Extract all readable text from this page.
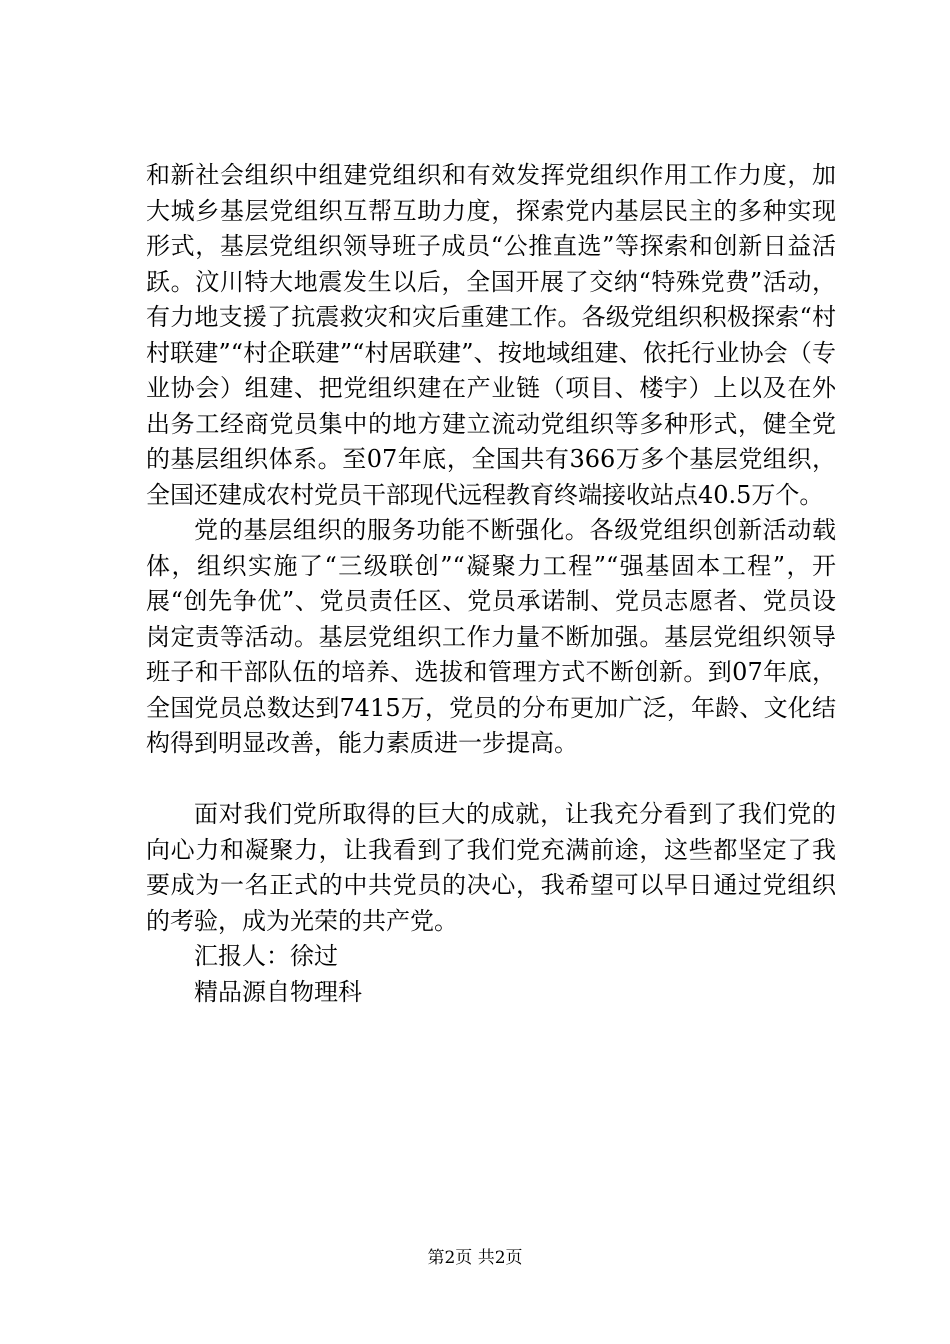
和新社会组织中组建党组织和有效发挥党组织作用工作力度，加大城乡基层党组织互帮互助力度，探索党内基层民主的多种实现形式，基层党组织领导班子成员“公推直选”等探索和创新日益活跃。汶川特大地震发生以后，全国开展了交纳“特殊党费”活动，有力地支援了抗震救灾和灾后重建工作。各级党组织积极探索“村村联建”“村企联建”“村居联建”、按地域组建、依托行业协会（专业协会）组建、把党组织建在产业链（项目、楼宇）上以及在外出务工经商党员集中的地方建立流动党组织等多种形式，健全党的基层组织体系。至07年底，全国共有366万多个基层党组织，全国还建成农村党员干部现代远程教育终端接收站点40.5万个。

党的基层组织的服务功能不断强化。各级党组织创新活动载体，组织实施了“三级联创”“凝聚力工程”“强基固本工程”，开展“创先争优”、党员责任区、党员承诺制、党员志愿者、党员设岗定责等活动。基层党组织工作力量不断加强。基层党组织领导班子和干部队伍的培养、选拔和管理方式不断创新。到07年底，全国党员总数达到7415万，党员的分布更加广泛，年龄、文化结构得到明显改善，能力素质进一步提高。

面对我们党所取得的巨大的成就，让我充分看到了我们党的向心力和凝聚力，让我看到了我们党充满前途，这些都坚定了我要成为一名正式的中共党员的决心，我希望可以早日通过党组织的考验，成为光荣的共产党。

汇报人：徐过

精品源自物理科

第2页 共2页
